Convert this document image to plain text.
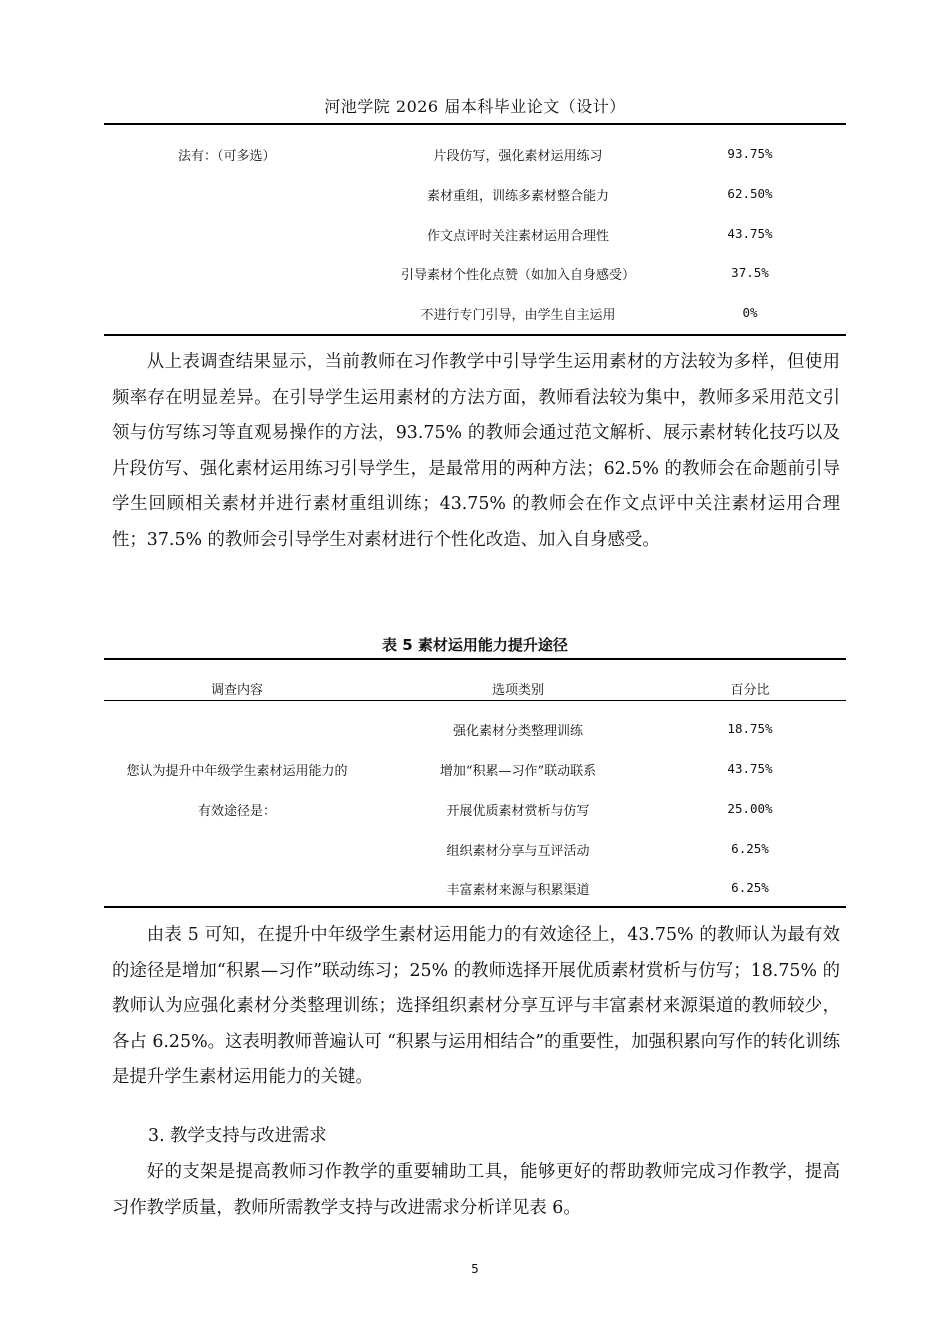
河池学院 2026 届本科毕业论文（设计）
法有：（可多选）	片段仿写，强化素材运用练习	93.75%
素材重组，训练多素材整合能力	62.50%
作文点评时关注素材运用合理性	43.75%
引导素材个性化点赞（如加入自身感受）	37.5%
不进行专门引导，由学生自主运用	0%

从上表调查结果显示，当前教师在习作教学中引导学生运用素材的方法较为多样，但使用频率存在明显差异。在引导学生运用素材的方法方面，教师看法较为集中，教师多采用范文引领与仿写练习等直观易操作的方法，93.75% 的教师会通过范文解析、展示素材转化技巧以及片段仿写、强化素材运用练习引导学生，是最常用的两种方法；62.5% 的教师会在命题前引导学生回顾相关素材并进行素材重组训练；43.75% 的教师会在作文点评中关注素材运用合理性；37.5% 的教师会引导学生对素材进行个性化改造、加入自身感受。

表 5 素材运用能力提升途径
调查内容	选项类别	百分比
您认为提升中年级学生素材运用能力的
有效途径是：
强化素材分类整理训练	18.75%
增加“积累—习作”联动联系	43.75%
开展优质素材赏析与仿写	25.00%
组织素材分享与互评活动	6.25%
丰富素材来源与积累渠道	6.25%

由表 5 可知，在提升中年级学生素材运用能力的有效途径上，43.75% 的教师认为最有效的途径是增加“积累—习作”联动练习；25% 的教师选择开展优质素材赏析与仿写；18.75% 的教师认为应强化素材分类整理训练；选择组织素材分享互评与丰富素材来源渠道的教师较少，各占 6.25%。这表明教师普遍认可 “积累与运用相结合”的重要性，加强积累向写作的转化训练是提升学生素材运用能力的关键。

3. 教学支持与改进需求

好的支架是提高教师习作教学的重要辅助工具，能够更好的帮助教师完成习作教学，提高习作教学质量，教师所需教学支持与改进需求分析详见表 6。

5
